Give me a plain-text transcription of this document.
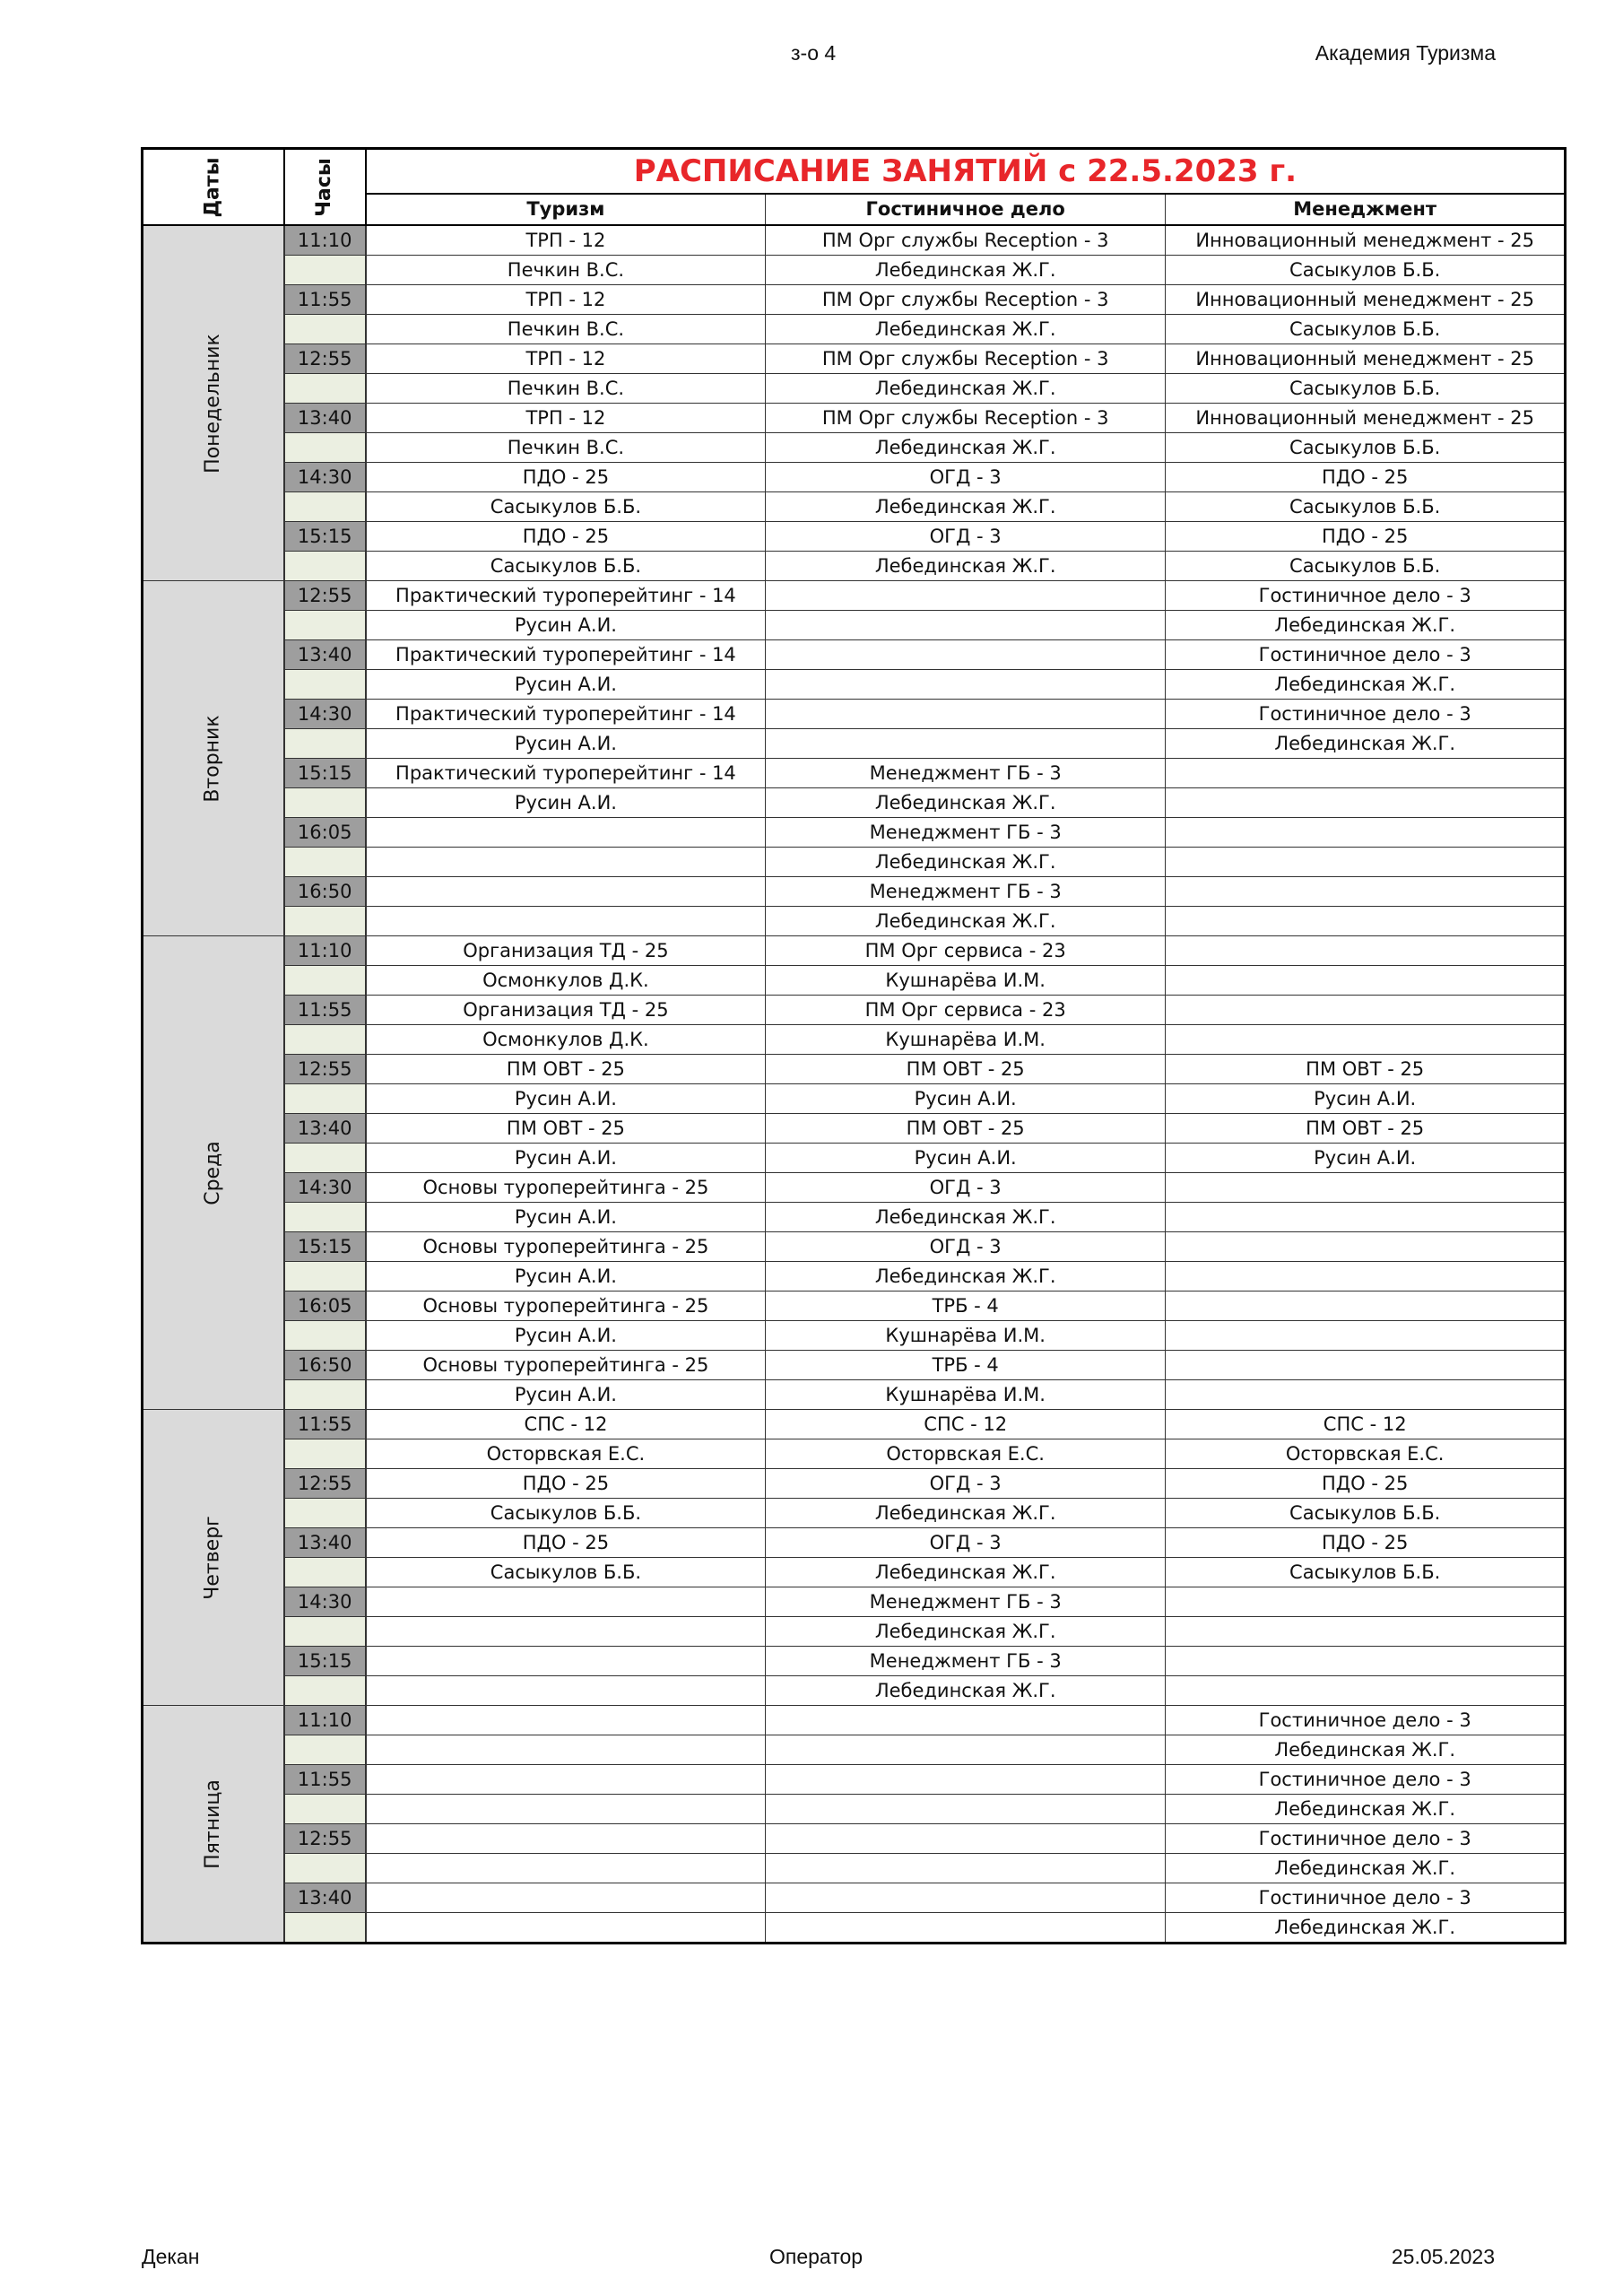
з-о 4	Академия Туризма
Даты	Часы	РАСПИСАНИЕ ЗАНЯТИЙ с 22.5.2023 г.		
		Туризм	Гостиничное дело	Менеджмент
Понедельник	11:10	ТРП - 12	ПМ Орг службы Reception - 3	Инновационный менеджмент - 25
		Печкин В.С.	Лебединская Ж.Г.	Сасыкулов Б.Б.
	11:55	ТРП - 12	ПМ Орг службы Reception - 3	Инновационный менеджмент - 25
		Печкин В.С.	Лебединская Ж.Г.	Сасыкулов Б.Б.
	12:55	ТРП - 12	ПМ Орг службы Reception - 3	Инновационный менеджмент - 25
		Печкин В.С.	Лебединская Ж.Г.	Сасыкулов Б.Б.
	13:40	ТРП - 12	ПМ Орг службы Reception - 3	Инновационный менеджмент - 25
		Печкин В.С.	Лебединская Ж.Г.	Сасыкулов Б.Б.
	14:30	ПДО - 25	ОГД - 3	ПДО - 25
		Сасыкулов Б.Б.	Лебединская Ж.Г.	Сасыкулов Б.Б.
	15:15	ПДО - 25	ОГД - 3	ПДО - 25
		Сасыкулов Б.Б.	Лебединская Ж.Г.	Сасыкулов Б.Б.
Вторник	12:55	Практический туроперейтинг - 14		Гостиничное дело - 3
		Русин А.И.		Лебединская Ж.Г.
	13:40	Практический туроперейтинг - 14		Гостиничное дело - 3
		Русин А.И.		Лебединская Ж.Г.
	14:30	Практический туроперейтинг - 14		Гостиничное дело - 3
		Русин А.И.		Лебединская Ж.Г.
	15:15	Практический туроперейтинг - 14	Менеджмент ГБ - 3	
		Русин А.И.	Лебединская Ж.Г.	
	16:05		Менеджмент ГБ - 3	
			Лебединская Ж.Г.	
	16:50		Менеджмент ГБ - 3	
			Лебединская Ж.Г.	
Среда	11:10	Организация ТД - 25	ПМ Орг сервиса - 23	
		Осмонкулов Д.К.	Кушнарёва И.М.	
	11:55	Организация ТД - 25	ПМ Орг сервиса - 23	
		Осмонкулов Д.К.	Кушнарёва И.М.	
	12:55	ПМ ОВТ - 25	ПМ ОВТ - 25	ПМ ОВТ - 25
		Русин А.И.	Русин А.И.	Русин А.И.
	13:40	ПМ ОВТ - 25	ПМ ОВТ - 25	ПМ ОВТ - 25
		Русин А.И.	Русин А.И.	Русин А.И.
	14:30	Основы туроперейтинга - 25	ОГД - 3	
		Русин А.И.	Лебединская Ж.Г.	
	15:15	Основы туроперейтинга - 25	ОГД - 3	
		Русин А.И.	Лебединская Ж.Г.	
	16:05	Основы туроперейтинга - 25	ТРБ - 4	
		Русин А.И.	Кушнарёва И.М.	
	16:50	Основы туроперейтинга - 25	ТРБ - 4	
		Русин А.И.	Кушнарёва И.М.	
Четверг	11:55	СПС - 12	СПС - 12	СПС - 12
		Осторвская Е.С.	Осторвская Е.С.	Осторвская Е.С.
	12:55	ПДО - 25	ОГД - 3	ПДО - 25
		Сасыкулов Б.Б.	Лебединская Ж.Г.	Сасыкулов Б.Б.
	13:40	ПДО - 25	ОГД - 3	ПДО - 25
		Сасыкулов Б.Б.	Лебединская Ж.Г.	Сасыкулов Б.Б.
	14:30		Менеджмент ГБ - 3	
			Лебединская Ж.Г.	
	15:15		Менеджмент ГБ - 3	
			Лебединская Ж.Г.	
Пятница	11:10			Гостиничное дело - 3
				Лебединская Ж.Г.
	11:55			Гостиничное дело - 3
				Лебединская Ж.Г.
	12:55			Гостиничное дело - 3
				Лебединская Ж.Г.
	13:40			Гостиничное дело - 3
				Лебединская Ж.Г.
Декан	Оператор	25.05.2023
